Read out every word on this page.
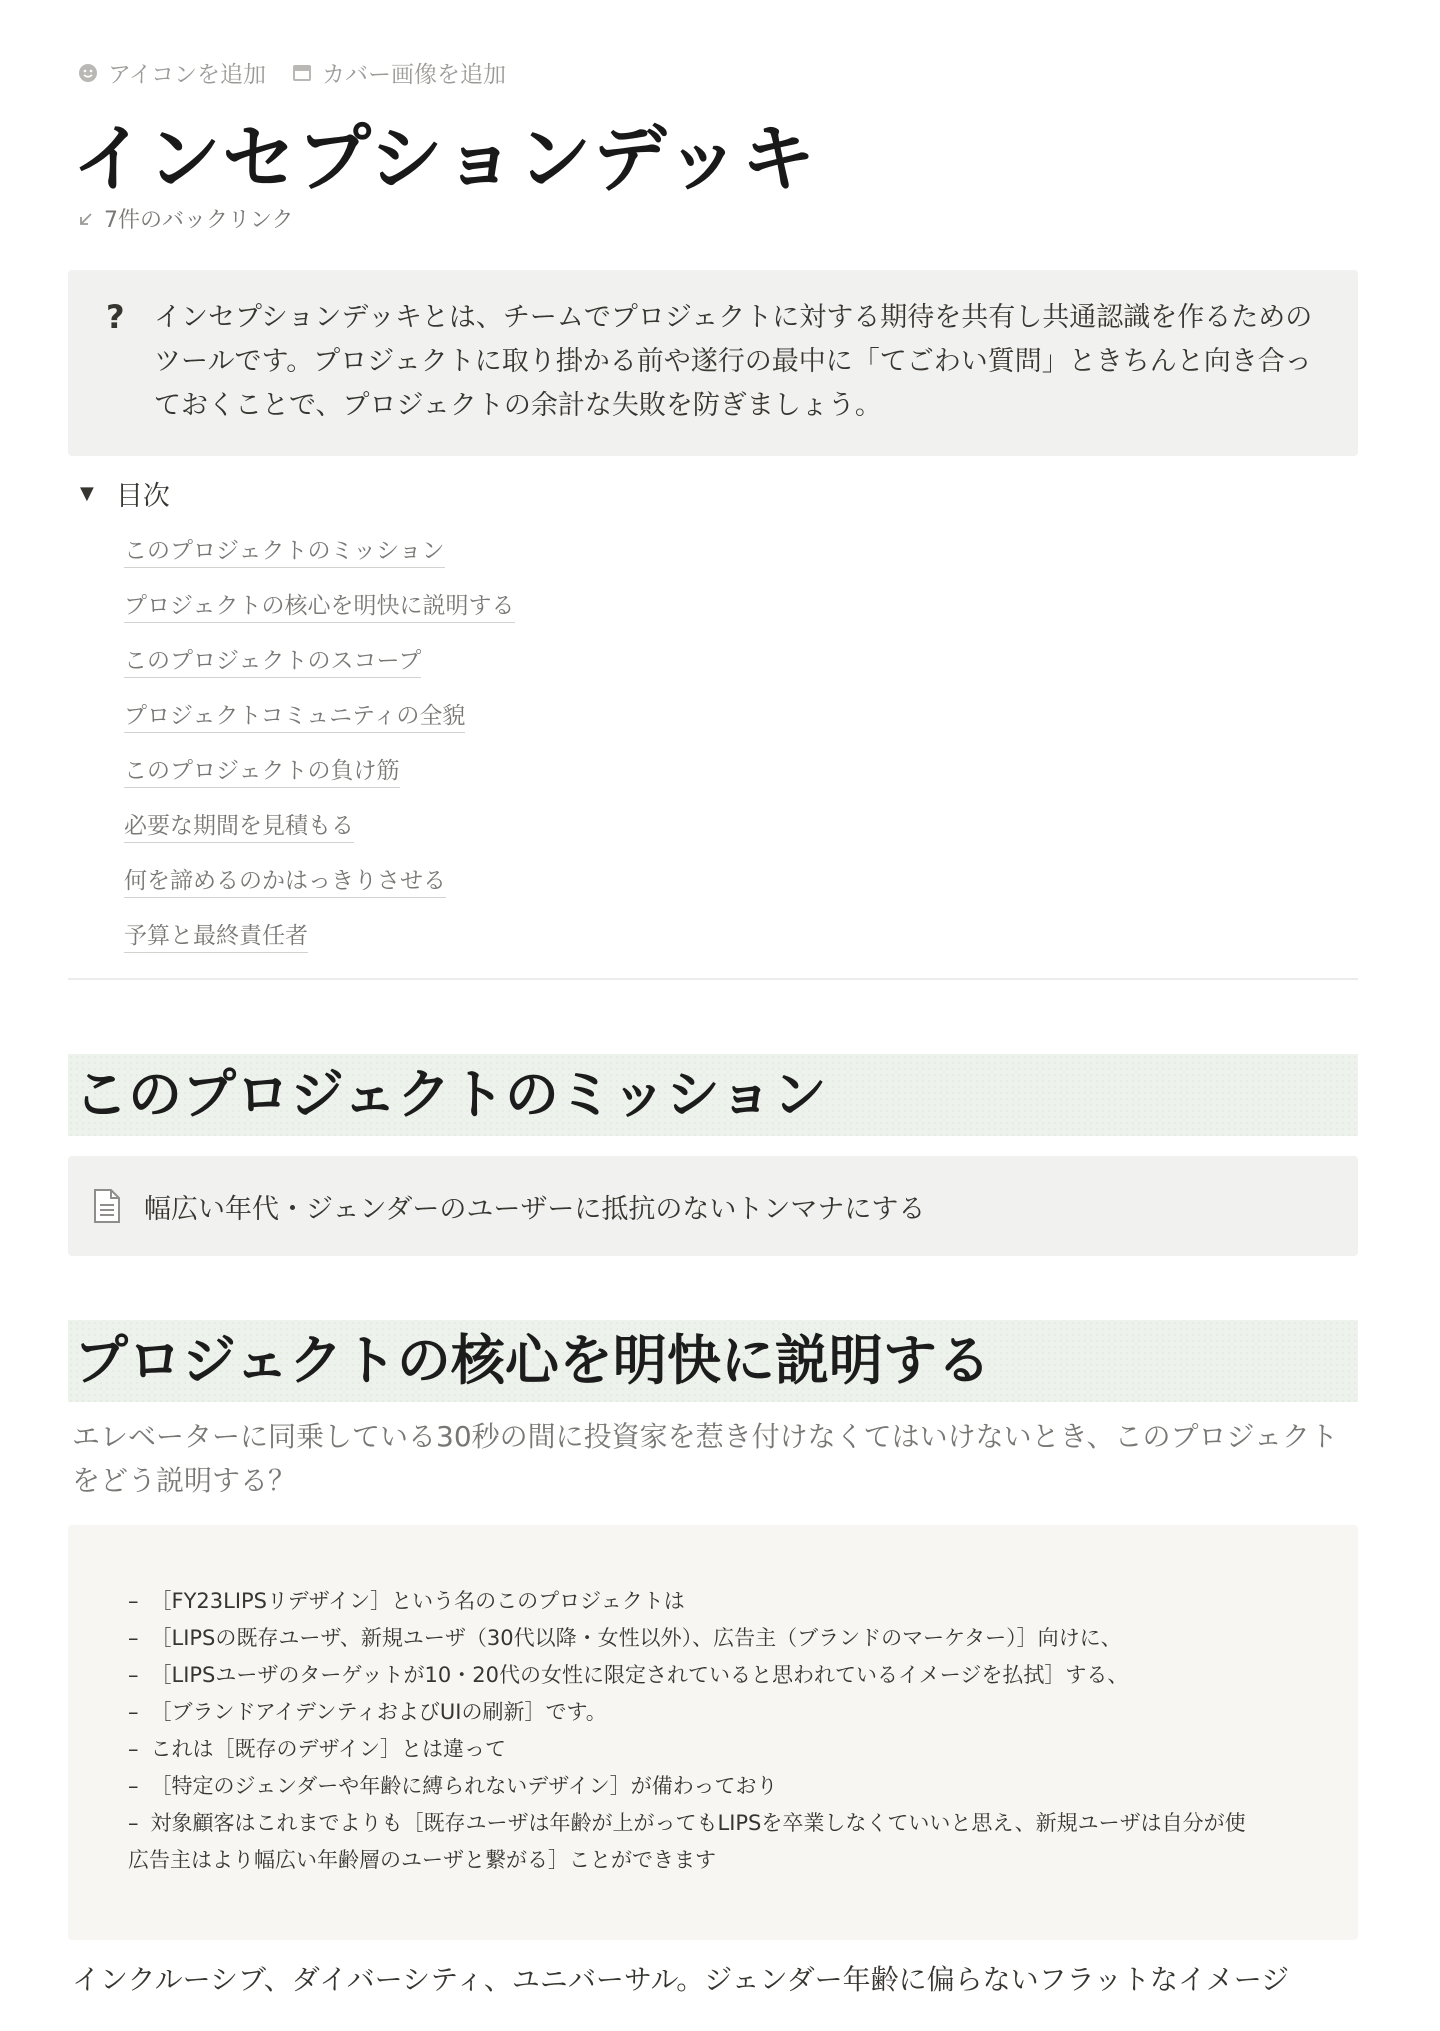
アイコンを追加 カバー画像を追加
インセプションデッキ
7件のバックリンク
? インセプションデッキとは、チームでプロジェクトに対する期待を共有し共通認識を作るためのツールです。プロジェクトに取り掛かる前や遂行の最中に「てごわい質問」ときちんと向き合っておくことで、プロジェクトの余計な失敗を防ぎましょう。

▼ 目次
このプロジェクトのミッション
プロジェクトの核心を明快に説明する
このプロジェクトのスコープ
プロジェクトコミュニティの全貌
このプロジェクトの負け筋
必要な期間を見積もる
何を諦めるのかはっきりさせる
予算と最終責任者
このプロジェクトのミッション
幅広い年代・ジェンダーのユーザーに抵抗のないトンマナにする
プロジェクトの核心を明快に説明する

エレベーターに同乗している30秒の間に投資家を惹き付けなくてはいけないとき、このプロジェクトをどう説明する？

– ［FY23LIPSリデザイン］という名のこのプロジェクトは
– ［LIPSの既存ユーザ、新規ユーザ（30代以降・女性以外）、広告主（ブランドのマーケター）］向けに、
– ［LIPSユーザのターゲットが10・20代の女性に限定されていると思われているイメージを払拭］する、
– ［ブランドアイデンティおよびUIの刷新］です。
– これは［既存のデザイン］とは違って
– ［特定のジェンダーや年齢に縛られないデザイン］が備わっており
– 対象顧客はこれまでよりも［既存ユーザは年齢が上がってもLIPSを卒業しなくていいと思え、新規ユーザは自分が使
広告主はより幅広い年齢層のユーザと繋がる］ことができます

インクルーシブ、ダイバーシティ、ユニバーサル。ジェンダー年齢に偏らないフラットなイメージ
